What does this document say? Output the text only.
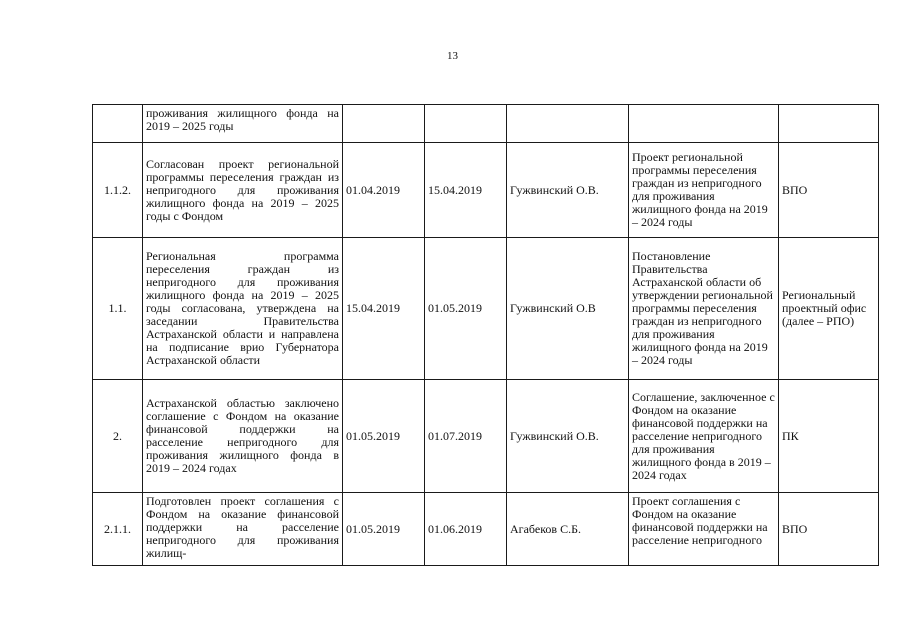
13
	проживания жилищного фонда на 2019 – 2025 годы					
1.1.2.	Согласован проект региональной программы переселения граждан из непригодного для проживания жилищного фонда на 2019 – 2025 годы с Фондом	01.04.2019	15.04.2019	Гужвинский О.В.	Проект региональной программы переселения граждан из непригодного для проживания жилищного фонда на 2019 – 2024 годы	ВПО
1.1.	Региональная программа переселения граждан из непригодного для проживания жилищного фонда на 2019 – 2025 годы согласована, утверждена на заседании Правительства Астраханской области и направлена на подписание врио Губернатора Астраханской области	15.04.2019	01.05.2019	Гужвинский О.В	Постановление Правительства Астраханской области об утверждении региональной программы переселения граждан из непригодного для проживания жилищного фонда на 2019 – 2024 годы	Региональный проектный офис (далее – РПО)
2.	Астраханской областью заключено соглашение с Фондом на оказание финансовой поддержки на расселение непригодного для проживания жилищного фонда в 2019 – 2024 годах	01.05.2019	01.07.2019	Гужвинский О.В.	Соглашение, заключенное с Фондом на оказание финансовой поддержки на расселение непригодного для проживания жилищного фонда в 2019 – 2024 годах	ПК
2.1.1.	Подготовлен проект соглашения с Фондом на оказание финансовой поддержки на расселение непригодного для проживания жилищ-	01.05.2019	01.06.2019	Агабеков С.Б.	Проект соглашения с Фондом на оказание финансовой поддержки на расселение непригодного	ВПО
